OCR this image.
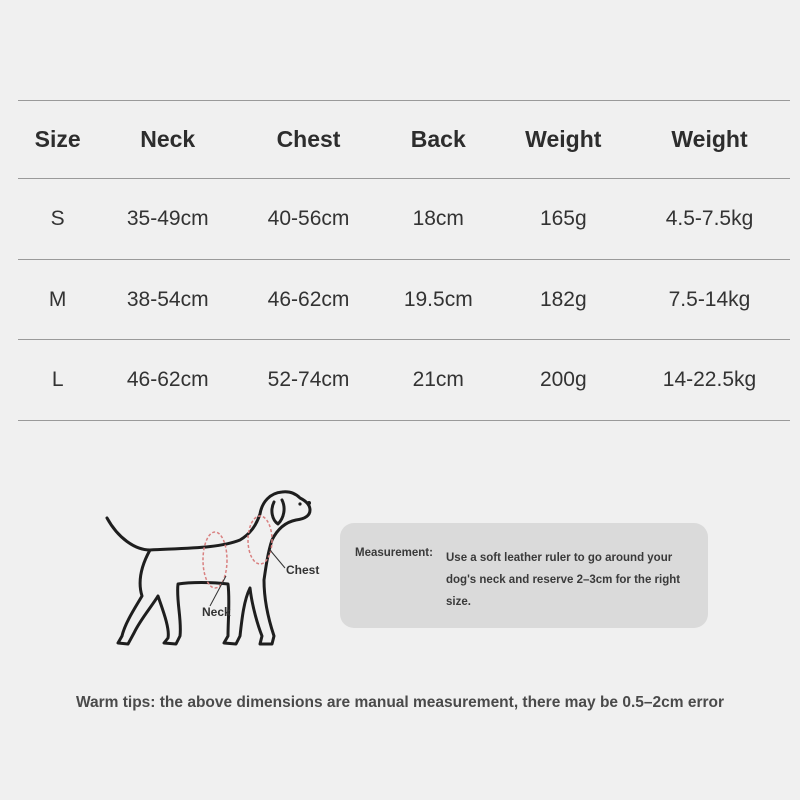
Size	Neck	Chest	Back	Weight	Weight
S	35-49cm	40-56cm	18cm	165g	4.5-7.5kg
M	38-54cm	46-62cm	19.5cm	182g	7.5-14kg
L	46-62cm	52-74cm	21cm	200g	14-22.5kg
Neck
Chest
Measurement: Use a soft leather ruler to go around your dog's neck and reserve 2–3cm for the right size.
Warm tips: the above dimensions are manual measurement, there may be 0.5–2cm error
